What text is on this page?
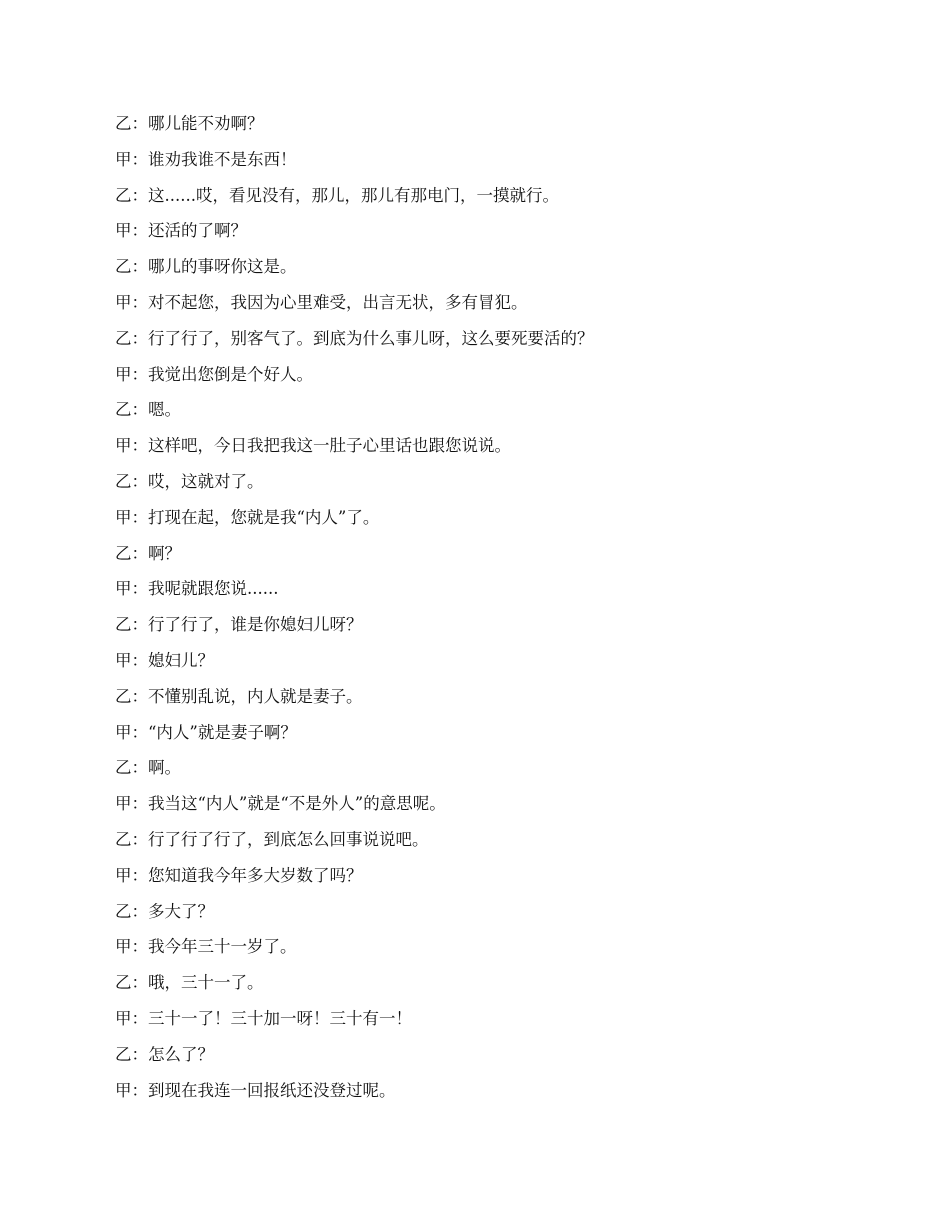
乙：哪儿能不劝啊？
甲：谁劝我谁不是东西！
乙：这......哎，看见没有，那儿，那儿有那电门，一摸就行。
甲：还活的了啊？
乙：哪儿的事呀你这是。
甲：对不起您，我因为心里难受，出言无状，多有冒犯。
乙：行了行了，别客气了。到底为什么事儿呀，这么要死要活的？
甲：我觉出您倒是个好人。
乙：嗯。
甲：这样吧，今日我把我这一肚子心里话也跟您说说。
乙：哎，这就对了。
甲：打现在起，您就是我“内人”了。
乙：啊？
甲：我呢就跟您说......
乙：行了行了，谁是你媳妇儿呀？
甲：媳妇儿？
乙：不懂别乱说，内人就是妻子。
甲：“内人”就是妻子啊？
乙：啊。
甲：我当这“内人”就是“不是外人”的意思呢。
乙：行了行了行了，到底怎么回事说说吧。
甲：您知道我今年多大岁数了吗？
乙：多大了？
甲：我今年三十一岁了。
乙：哦，三十一了。
甲：三十一了！三十加一呀！三十有一！
乙：怎么了？
甲：到现在我连一回报纸还没登过呢。
